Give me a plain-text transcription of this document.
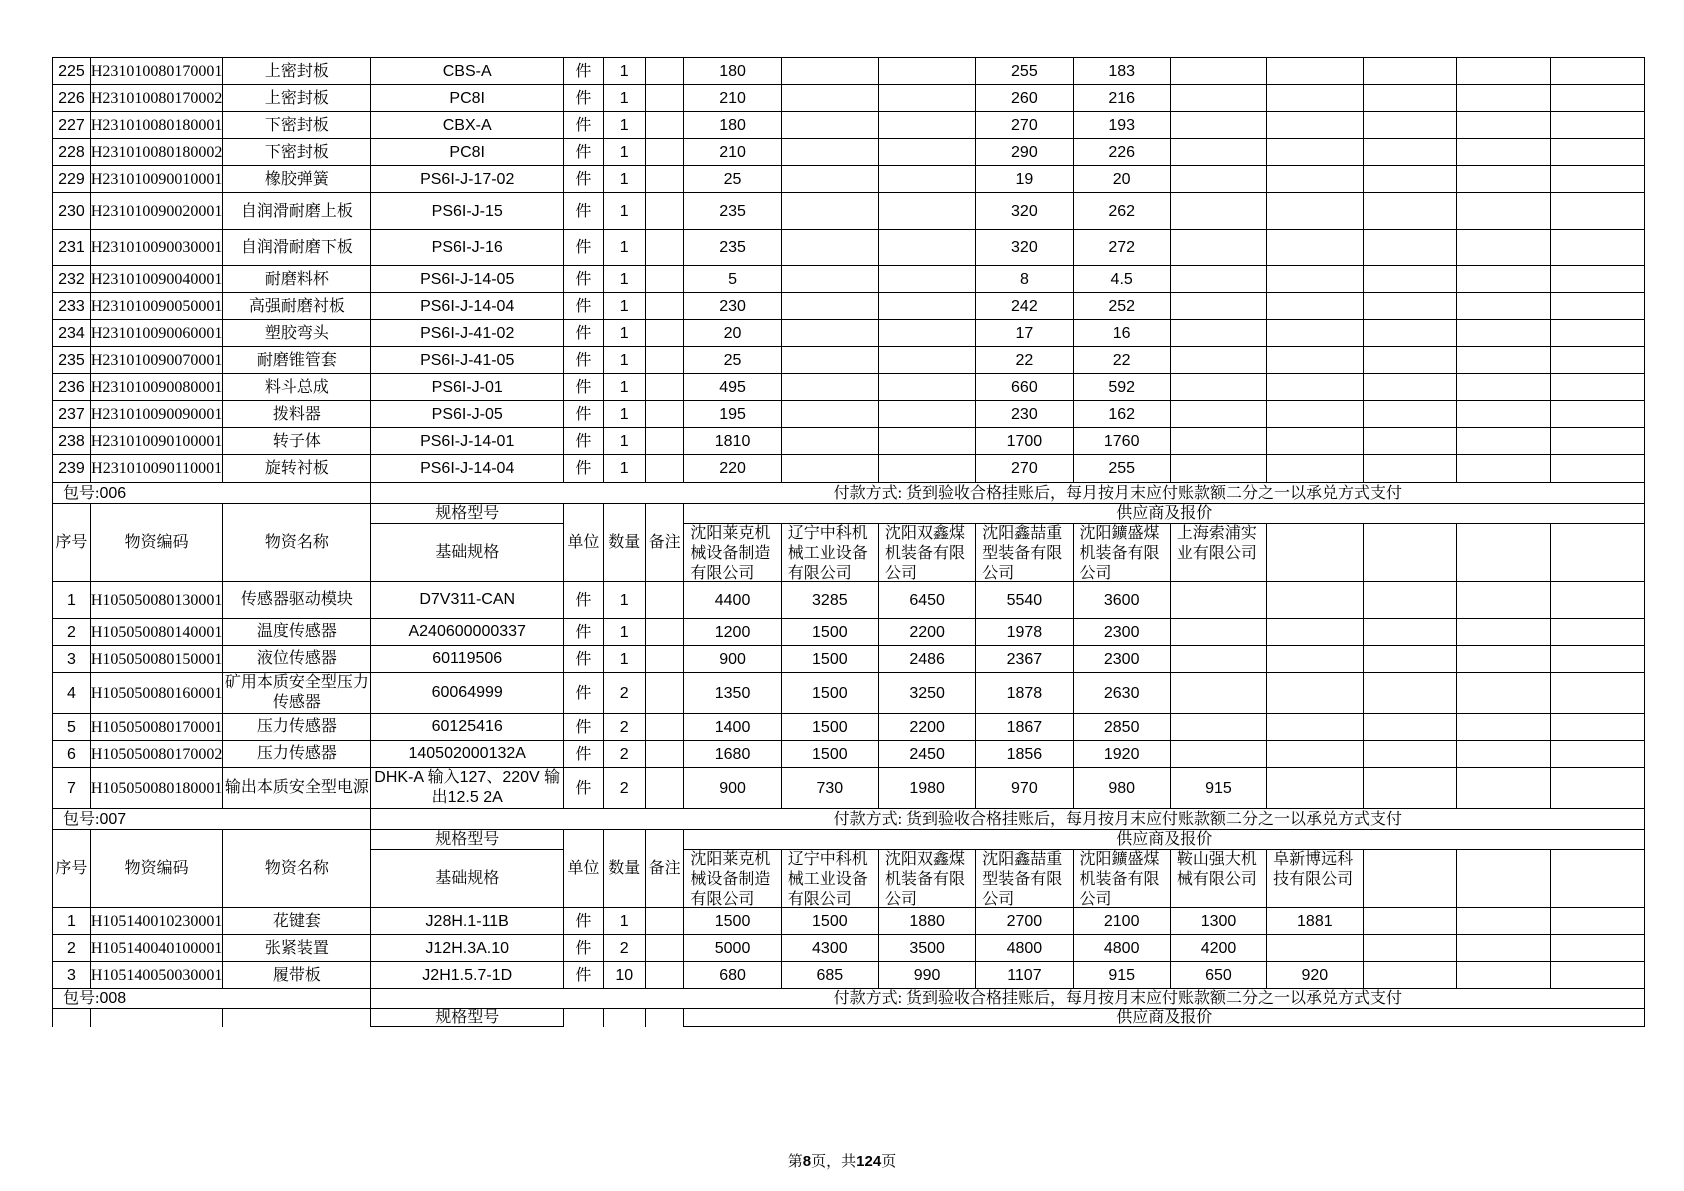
225	H231010080170001	上密封板	CBS-A	件	1		180			255	183					
226	H231010080170002	上密封板	PC8I	件	1		210			260	216					
227	H231010080180001	下密封板	CBX-A	件	1		180			270	193					
228	H231010080180002	下密封板	PC8I	件	1		210			290	226					
229	H231010090010001	橡胶弹簧	PS6I-J-17-02	件	1		25			19	20					
230	H231010090020001	自润滑耐磨上板	PS6I-J-15	件	1		235			320	262					
231	H231010090030001	自润滑耐磨下板	PS6I-J-16	件	1		235			320	272					
232	H231010090040001	耐磨料杯	PS6I-J-14-05	件	1		5			8	4.5					
233	H231010090050001	高强耐磨衬板	PS6I-J-14-04	件	1		230			242	252					
234	H231010090060001	塑胶弯头	PS6I-J-41-02	件	1		20			17	16					
235	H231010090070001	耐磨锥管套	PS6I-J-41-05	件	1		25			22	22					
236	H231010090080001	料斗总成	PS6I-J-01	件	1		495			660	592					
237	H231010090090001	拨料器	PS6I-J-05	件	1		195			230	162					
238	H231010090100001	转子体	PS6I-J-14-01	件	1		1810			1700	1760					
239	H231010090110001	旋转衬板	PS6I-J-14-04	件	1		220			270	255					
包号:006				付款方式: 货到验收合格挂账后，每月按月末应付账款额二分之一以承兑方式支付												
序号	物资编码	物资名称	规格型号	单位	数量	备注	供应商及报价									
			基础规格				沈阳莱克机械设备制造有限公司	辽宁中科机械工业设备有限公司	沈阳双鑫煤机装备有限公司	沈阳鑫喆重型装备有限公司	沈阳鑛盛煤机装备有限公司	上海索浦实业有限公司				

1	H105050080130001	传感器驱动模块	D7V311-CAN	件	1		4400	3285	6450	5540	3600					
2	H105050080140001	温度传感器	A240600000337	件	1		1200	1500	2200	1978	2300					
3	H105050080150001	液位传感器	60119506	件	1		900	1500	2486	2367	2300					
4	H105050080160001	矿用本质安全型压力传感器	60064999	件	2		1350	1500	3250	1878	2630					
5	H105050080170001	压力传感器	60125416	件	2		1400	1500	2200	1867	2850					
6	H105050080170002	压力传感器	140502000132A	件	2		1680	1500	2450	1856	1920					
7	H105050080180001	输出本质安全型电源	DHK-A 输入127、220V 输出12.5 2A	件	2		900	730	1980	970	980	915				
包号:007				付款方式: 货到验收合格挂账后，每月按月末应付账款额二分之一以承兑方式支付												
序号	物资编码	物资名称	规格型号	单位	数量	备注	供应商及报价									
			基础规格				沈阳莱克机械设备制造有限公司	辽宁中科机械工业设备有限公司	沈阳双鑫煤机装备有限公司	沈阳鑫喆重型装备有限公司	沈阳鑛盛煤机装备有限公司	鞍山强大机械有限公司	阜新博远科技有限公司			

1	H105140010230001	花键套	J28H.1-11B	件	1		1500	1500	1880	2700	2100	1300	1881			
2	H105140040100001	张紧装置	J12H.3A.10	件	2		5000	4300	3500	4800	4800	4200				
3	H105140050030001	履带板	J2H1.5.7-1D	件	10		680	685	990	1107	915	650	920			
包号:008				付款方式: 货到验收合格挂账后，每月按月末应付账款额二分之一以承兑方式支付												
			规格型号				供应商及报价									
第8页，共124页
